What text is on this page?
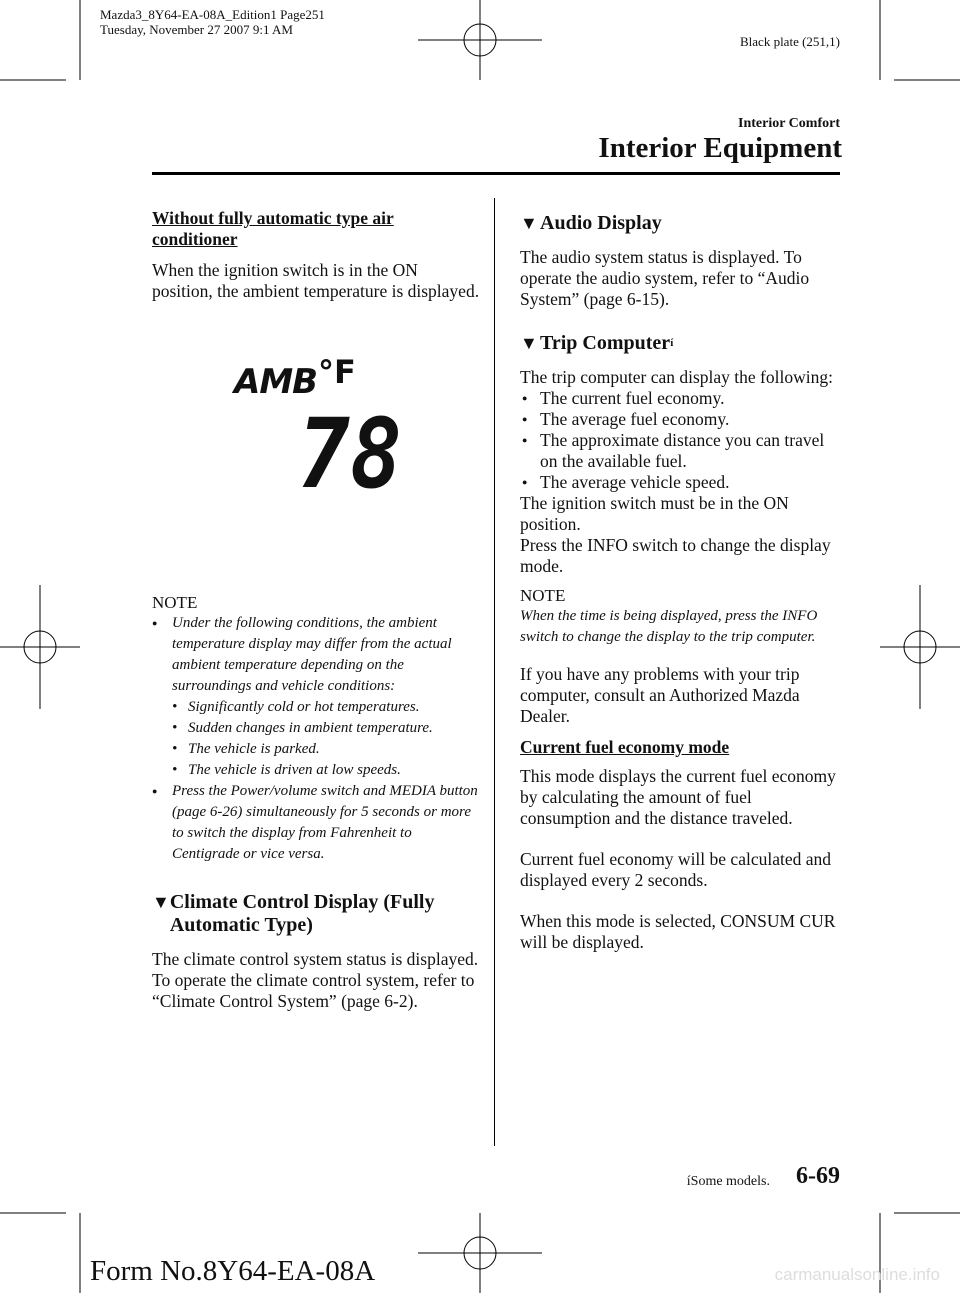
Mazda3_8Y64-EA-08A_Edition1 Page251
Tuesday, November 27 2007 9:1 AM
Black plate (251,1)
Interior Comfort
Interior Equipment

Without fully automatic type air conditioner

When the ignition switch is in the ON position, the ambient temperature is displayed.

AMB °F
78

NOTE

● Under the following conditions, the ambient temperature display may differ from the actual ambient temperature depending on the surroundings and vehicle conditions:
• Significantly cold or hot temperatures.
• Sudden changes in ambient temperature.
• The vehicle is parked.
• The vehicle is driven at low speeds.
● Press the Power/volume switch and MEDIA button (page 6-26) simultaneously for 5 seconds or more to switch the display from Fahrenheit to Centigrade or vice versa.
▼ Climate Control Display (Fully Automatic Type)

The climate control system status is displayed. To operate the climate control system, refer to “Climate Control System” (page 6-2).

▼ Audio Display

The audio system status is displayed. To operate the audio system, refer to “Audio System” (page 6-15).

▼ Trip Computer í

The trip computer can display the following:

● The current fuel economy.
● The average fuel economy.
● The approximate distance you can travel on the available fuel.
● The average vehicle speed.

The ignition switch must be in the ON position.

Press the INFO switch to change the display mode.

NOTE

When the time is being displayed, press the INFO switch to change the display to the trip computer.

If you have any problems with your trip computer, consult an Authorized Mazda Dealer.

Current fuel economy mode

This mode displays the current fuel economy by calculating the amount of fuel consumption and the distance traveled.

Current fuel economy will be calculated and displayed every 2 seconds.

When this mode is selected, CONSUM CUR will be displayed.

íSome models. 6-69
Form No.8Y64-EA-08A	carmanualsonline.info
